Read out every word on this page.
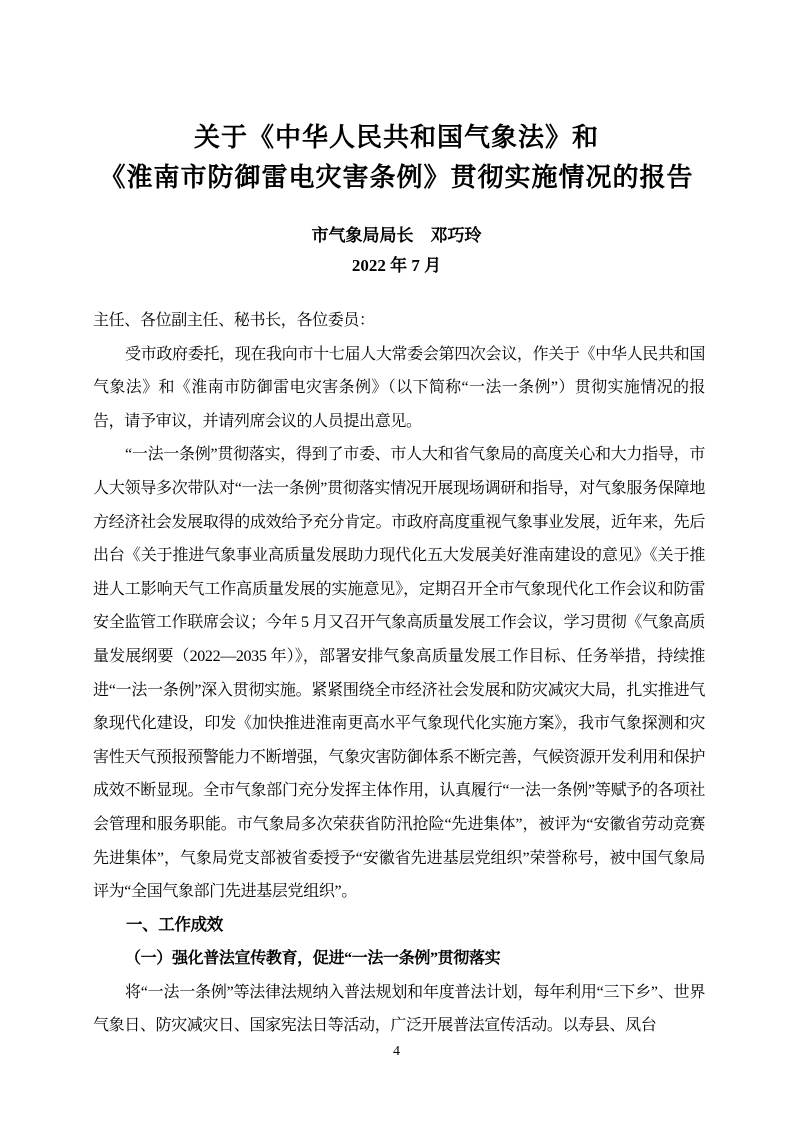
关于《中华人民共和国气象法》和
《淮南市防御雷电灾害条例》贯彻实施情况的报告
市气象局局长　邓巧玲
2022 年 7 月

主任、各位副主任、秘书长，各位委员：

受市政府委托，现在我向市十七届人大常委会第四次会议，作关于《中华人民共和国气象法》和《淮南市防御雷电灾害条例》（以下简称“一法一条例”）贯彻实施情况的报告，请予审议，并请列席会议的人员提出意见。

“一法一条例”贯彻落实，得到了市委、市人大和省气象局的高度关心和大力指导，市人大领导多次带队对“一法一条例”贯彻落实情况开展现场调研和指导，对气象服务保障地方经济社会发展取得的成效给予充分肯定。市政府高度重视气象事业发展，近年来，先后出台《关于推进气象事业高质量发展助力现代化五大发展美好淮南建设的意见》《关于推进人工影响天气工作高质量发展的实施意见》，定期召开全市气象现代化工作会议和防雷安全监管工作联席会议；今年 5 月又召开气象高质量发展工作会议，学习贯彻《气象高质量发展纲要（2022—2035 年）》，部署安排气象高质量发展工作目标、任务举措，持续推进“一法一条例”深入贯彻实施。紧紧围绕全市经济社会发展和防灾减灾大局，扎实推进气象现代化建设，印发《加快推进淮南更高水平气象现代化实施方案》，我市气象探测和灾害性天气预报预警能力不断增强，气象灾害防御体系不断完善，气候资源开发利用和保护成效不断显现。全市气象部门充分发挥主体作用，认真履行“一法一条例”等赋予的各项社会管理和服务职能。市气象局多次荣获省防汛抢险“先进集体”，被评为“安徽省劳动竞赛先进集体”，气象局党支部被省委授予“安徽省先进基层党组织”荣誉称号，被中国气象局评为“全国气象部门先进基层党组织”。

一、工作成效
（一）强化普法宣传教育，促进“一法一条例”贯彻落实

将“一法一条例”等法律法规纳入普法规划和年度普法计划，每年利用“三下乡”、世界气象日、防灾减灾日、国家宪法日等活动，广泛开展普法宣传活动。以寿县、凤台

4
